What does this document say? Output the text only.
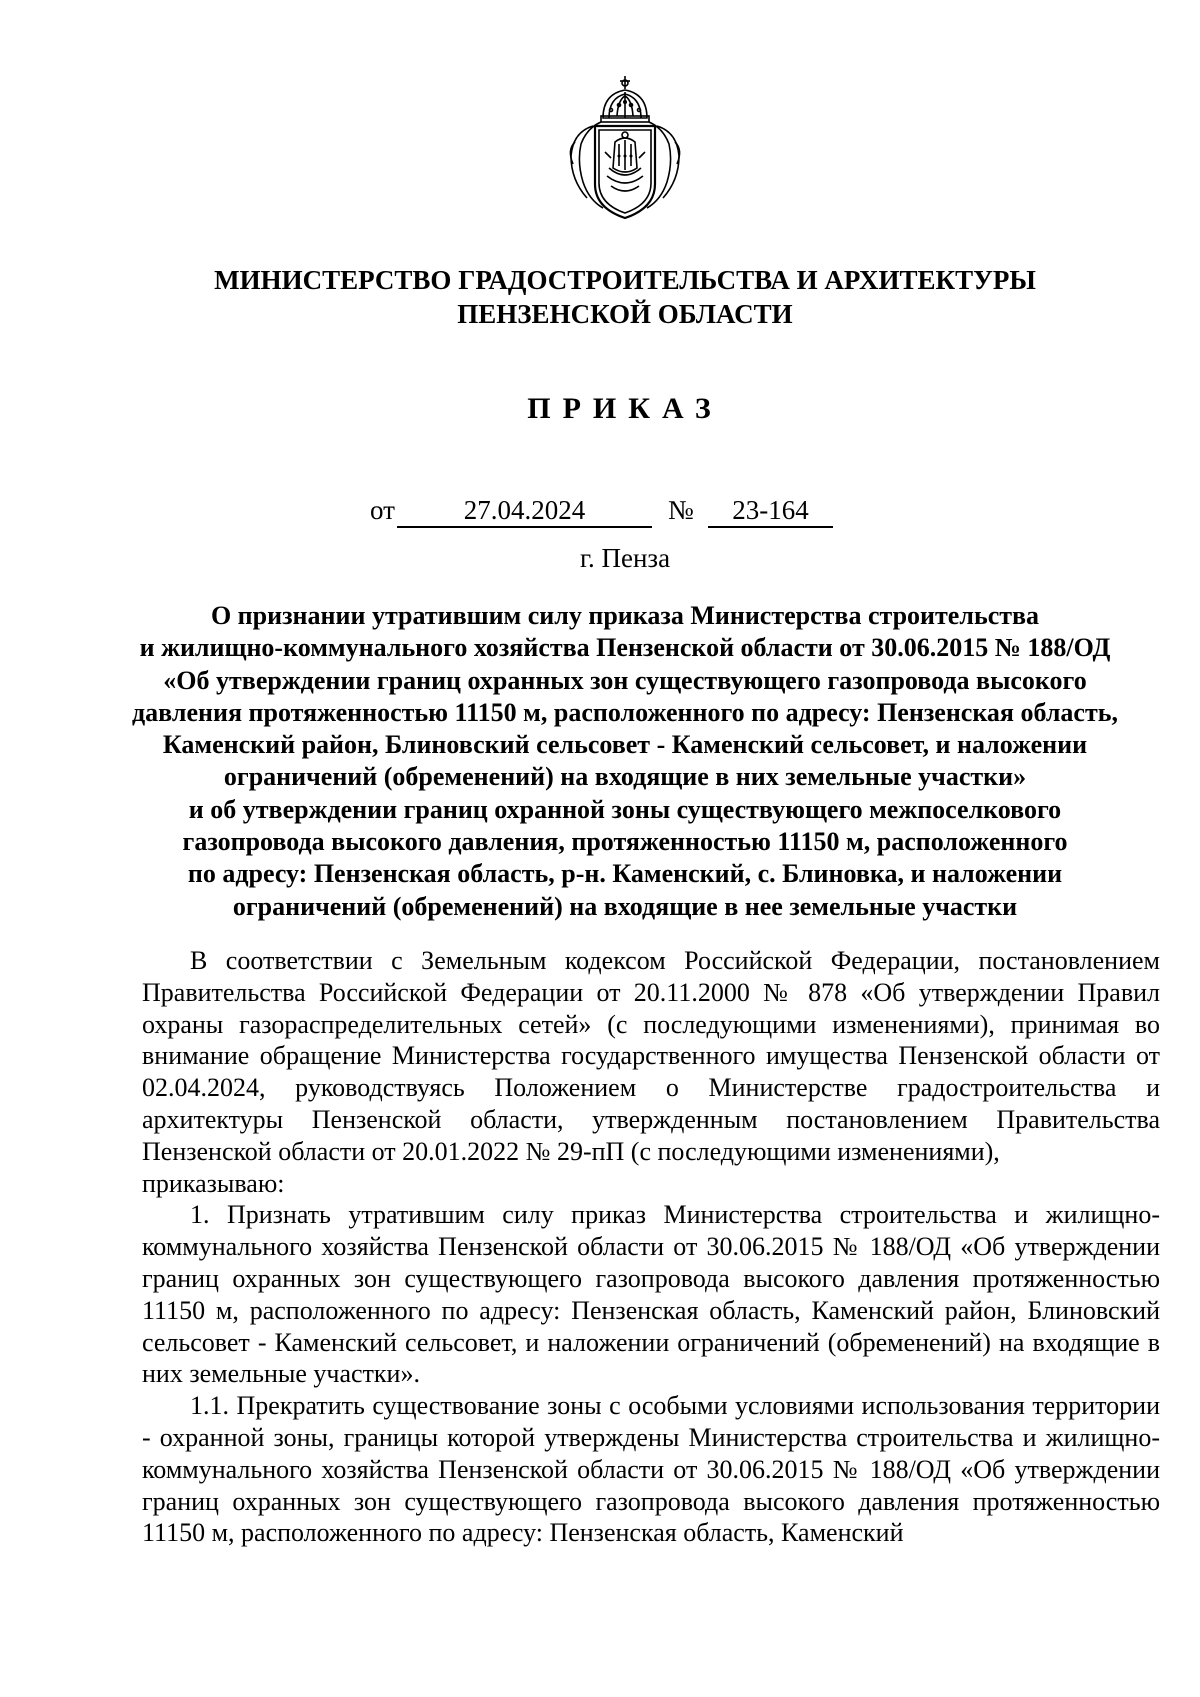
МИНИСТЕРСТВО ГРАДОСТРОИТЕЛЬСТВА И АРХИТЕКТУРЫ
ПЕНЗЕНСКОЙ ОБЛАСТИ
ПРИКАЗ
от	27.04.2024	№	23-164
г. Пенза
О признании утратившим силу приказа Министерства строительства
и жилищно-коммунального хозяйства Пензенской области от 30.06.2015 № 188/ОД
«Об утверждении границ охранных зон существующего газопровода высокого
давления протяженностью 11150 м, расположенного по адресу: Пензенская область,
Каменский район, Блиновский сельсовет - Каменский сельсовет, и наложении
ограничений (обременений) на входящие в них земельные участки»
и об утверждении границ охранной зоны существующего межпоселкового
газопровода высокого давления, протяженностью 11150 м, расположенного
по адресу: Пензенская область, р-н. Каменский, с. Блиновка, и наложении
ограничений (обременений) на входящие в нее земельные участки

В соответствии с Земельным кодексом Российской Федерации, постановлением Правительства Российской Федерации от 20.11.2000 № 878 «Об утверждении Правил охраны газораспределительных сетей» (с последующими изменениями), принимая во внимание обращение Министерства государственного имущества Пензенской области от 02.04.2024, руководствуясь Положением о Министерстве градостроительства и архитектуры Пензенской области, утвержденным постановлением Правительства Пензенской области от 20.01.2022 № 29-пП (с последующими изменениями),

приказываю:

1. Признать утратившим силу приказ Министерства строительства и жилищно-коммунального хозяйства Пензенской области от 30.06.2015 № 188/ОД «Об утверждении границ охранных зон существующего газопровода высокого давления протяженностью 11150 м, расположенного по адресу: Пензенская область, Каменский район, Блиновский сельсовет - Каменский сельсовет, и наложении ограничений (обременений) на входящие в них земельные участки».

1.1. Прекратить существование зоны с особыми условиями использования территории - охранной зоны, границы которой утверждены Министерства строительства и жилищно-коммунального хозяйства Пензенской области от 30.06.2015 № 188/ОД «Об утверждении границ охранных зон существующего газопровода высокого давления протяженностью 11150 м, расположенного по адресу: Пензенская область, Каменский
